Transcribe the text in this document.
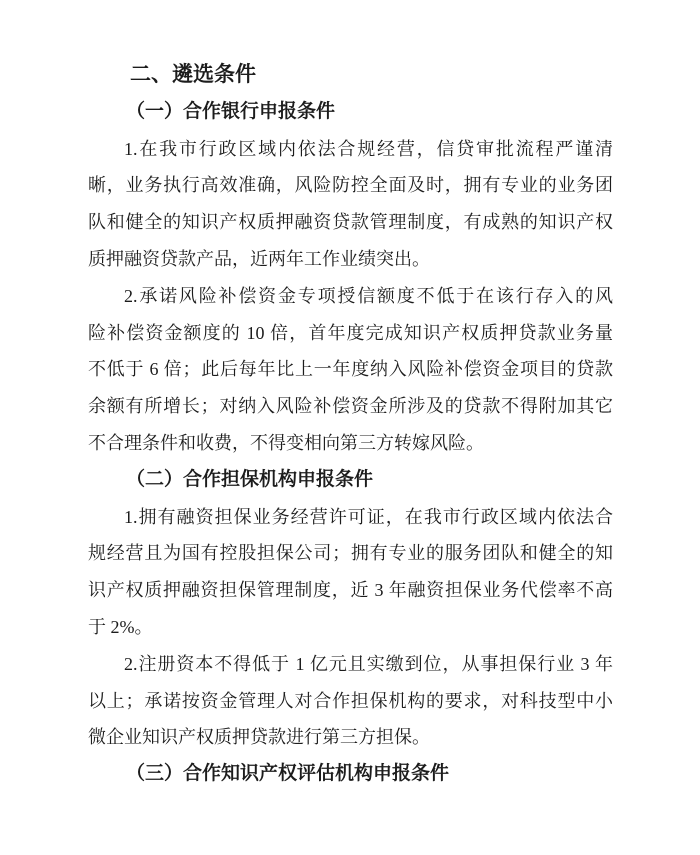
二、遴选条件
（一）合作银行申报条件
1.在我市行政区域内依法合规经营，信贷审批流程严谨清
晰，业务执行高效准确，风险防控全面及时，拥有专业的业务团
队和健全的知识产权质押融资贷款管理制度，有成熟的知识产权
质押融资贷款产品，近两年工作业绩突出。
2.承诺风险补偿资金专项授信额度不低于在该行存入的风
险补偿资金额度的 10 倍，首年度完成知识产权质押贷款业务量
不低于 6 倍；此后每年比上一年度纳入风险补偿资金项目的贷款
余额有所增长；对纳入风险补偿资金所涉及的贷款不得附加其它
不合理条件和收费，不得变相向第三方转嫁风险。
（二）合作担保机构申报条件
1.拥有融资担保业务经营许可证，在我市行政区域内依法合
规经营且为国有控股担保公司；拥有专业的服务团队和健全的知
识产权质押融资担保管理制度，近 3 年融资担保业务代偿率不高
于 2%。
2.注册资本不得低于 1 亿元且实缴到位，从事担保行业 3 年
以上；承诺按资金管理人对合作担保机构的要求，对科技型中小
微企业知识产权质押贷款进行第三方担保。
（三）合作知识产权评估机构申报条件
